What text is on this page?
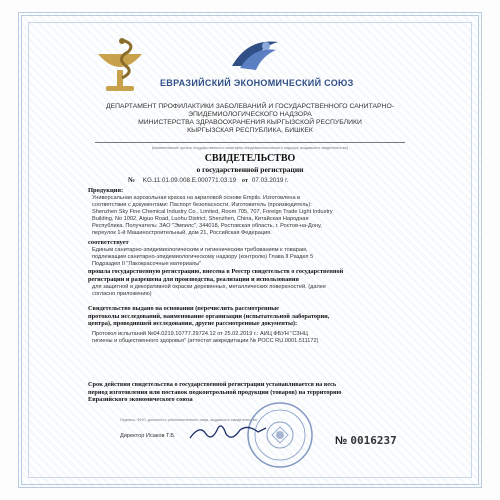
ЕВРАЗИЙСКИЙ ЭКОНОМИЧЕСКИЙ СОЮЗ
ДЕПАРТАМЕНТ ПРОФИЛАКТИКИ ЗАБОЛЕВАНИЙ И ГОСУДАРСТВЕННОГО САНИТАРНО-
ЭПИДЕМИОЛОГИЧЕСКОГО НАДЗОРА
МИНИСТЕРСТВА ЗДРАВООХРАНЕНИЯ КЫРГЫЗСКОЙ РЕСПУБЛИКИ
КЫРГЫЗСКАЯ РЕСПУБЛИКА, БИШКЕК
(наименование органа государственного санитарно-эпидемиологического надзора, выдавшего свидетельство)
СВИДЕТЕЛЬСТВО
о государственной регистрации
№ KG.11.01.09.008.Е.000771.03.19 от 07.03.2019 г.
Продукция:
Универсальная аэрозольная краска на акриловой основе Empils. Изготовлена в
соответствии с документами: Паспорт безопасности. Изготовитель (производитель):
Shenzhen Sky Fine Chemical Industry Co., Limited, Room 705, 707, Foreign Trade Light Industry
Building, No 1002, Aiguo Road, Luohu District, Shenzhen, China, Китайская Народная
Республика. Получатель: ЗАО "Эмпилс", 344018, Ростовская область, г. Ростов-на-Дону,
переулок 1-й Машиностроительный, дом 21, Российская Федерация.
соответствует
Единым санитарно-эпидемиологическим и гигиеническим требованиям к товарам,
подлежащим санитарно-эпидемиологическому надзору (контролю) Глава II Раздел 5
Подраздел II "Лакокрасочные материалы"
прошла государственную регистрацию, внесена в Реестр свидетельств о государственной
регистрации и разрешена для производства, реализации и использования
для защитной и декоративной окраски деревянных, металлических поверхностей. (далее
согласно приложению)
Свидетельство выдано на основании (перечислить рассмотренные
протоколы исследований, наименование организации (испытательной лаборатории,
центра), проводившей исследования, другие рассмотренные документы):
Протокол испытаний №04.0219.10777.29724.12 от 25.02.2019 г.: АИЦ ФБУН "СЗНЦ
гигиены и общественного здоровья" (аттестат аккредитации № РОСС RU.0001.511172)
Срок действия свидетельства о государственной регистрации устанавливается на весь
период изготовления или поставок подконтрольной продукции (товаров) на территорию
Евразийского экономического союза
Подпись, ФИО, должность уполномоченного лица, выдавшего свидетельство
Директор Исаков Т.Б.	№ 0016237
